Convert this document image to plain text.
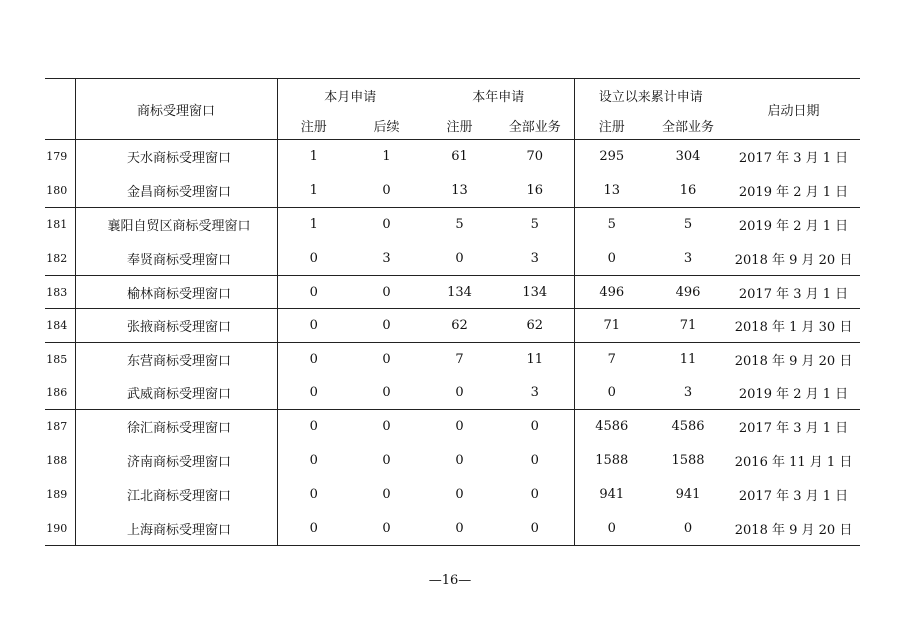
	商标受理窗口	本月申请		本年申请		设立以来累计申请		启动日期
		注册	后续	注册	全部业务	注册	全部业务	
179	天水商标受理窗口	1	1	61	70	295	304	2017 年 3 月 1 日
180	金昌商标受理窗口	1	0	13	16	13	16	2019 年 2 月 1 日
181	襄阳自贸区商标受理窗口	1	0	5	5	5	5	2019 年 2 月 1 日
182	奉贤商标受理窗口	0	3	0	3	0	3	2018 年 9 月 20 日
183	榆林商标受理窗口	0	0	134	134	496	496	2017 年 3 月 1 日
184	张掖商标受理窗口	0	0	62	62	71	71	2018 年 1 月 30 日
185	东营商标受理窗口	0	0	7	11	7	11	2018 年 9 月 20 日
186	武威商标受理窗口	0	0	0	3	0	3	2019 年 2 月 1 日
187	徐汇商标受理窗口	0	0	0	0	4586	4586	2017 年 3 月 1 日
188	济南商标受理窗口	0	0	0	0	1588	1588	2016 年 11 月 1 日
189	江北商标受理窗口	0	0	0	0	941	941	2017 年 3 月 1 日
190	上海商标受理窗口	0	0	0	0	0	0	2018 年 9 月 20 日
—16—
